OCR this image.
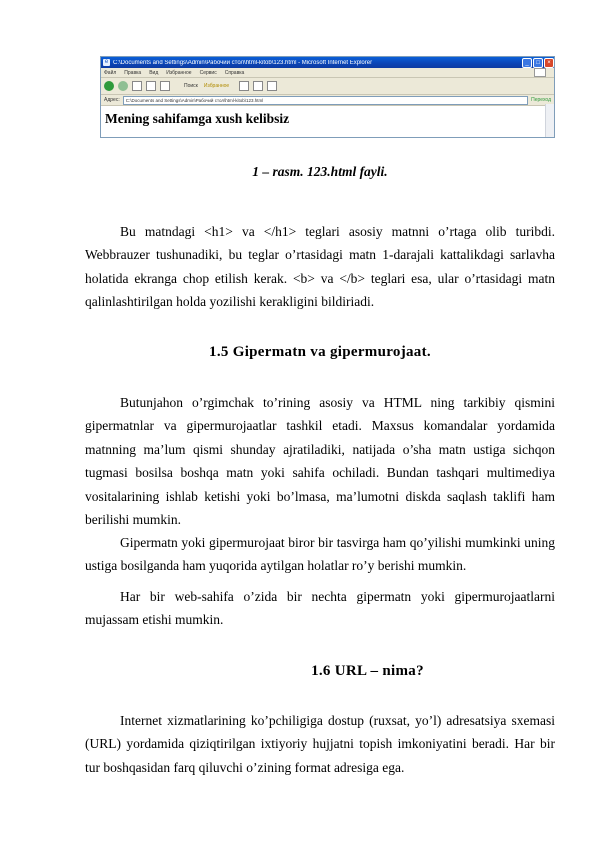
e C:\Documents and Settings\Admin\Рабочий стол\html-kitob\123.html - Microsoft Internet Explorer	_	□	×
Файл Правка Вид Избранное Сервис Справка
Поиск Избранное
Адрес:	C:\Documents and Settings\Admin\Рабочий стол\html-kitob\123.html	Переход
Mening sahifamga xush kelibsiz
1 – rasm. 123.html fayli.

Bu matndagi <h1> va </h1> teglari asosiy matnni o’rtaga olib turibdi. Webbrauzer tushunadiki, bu teglar o’rtasidagi matn 1-darajali kattalikdagi sarlavha holatida ekranga chop etilish kerak. <b> va </b> teglari esa, ular o’rtasidagi matn qalinlashtirilgan holda yozilishi kerakligini bildiriadi.

1.5 Gipermatn va gipermurojaat.

Butunjahon o’rgimchak to’rining asosiy va HTML ning tarkibiy qismini gipermatnlar va gipermurojaatlar tashkil etadi. Maxsus komandalar yordamida matnning ma’lum qismi shunday ajratiladiki, natijada o’sha matn ustiga sichqon tugmasi bosilsa boshqa matn yoki sahifa ochiladi. Bundan tashqari multimediya vositalarining ishlab ketishi yoki bo’lmasa, ma’lumotni diskda saqlash taklifi ham berilishi mumkin.

Gipermatn yoki gipermurojaat biror bir tasvirga ham qo’yilishi mumkinki uning ustiga bosilganda ham yuqorida aytilgan holatlar ro’y berishi mumkin.

Har bir web-sahifa o’zida bir nechta gipermatn yoki gipermurojaatlarni mujassam etishi mumkin.

1.6 URL – nima?

Internet xizmatlarining ko’pchiligiga dostup (ruxsat, yo’l) adresatsiya sxemasi (URL) yordamida qiziqtirilgan ixtiyoriy hujjatni topish imkoniyatini beradi. Har bir tur boshqasidan farq qiluvchi o’zining format adresiga ega.
